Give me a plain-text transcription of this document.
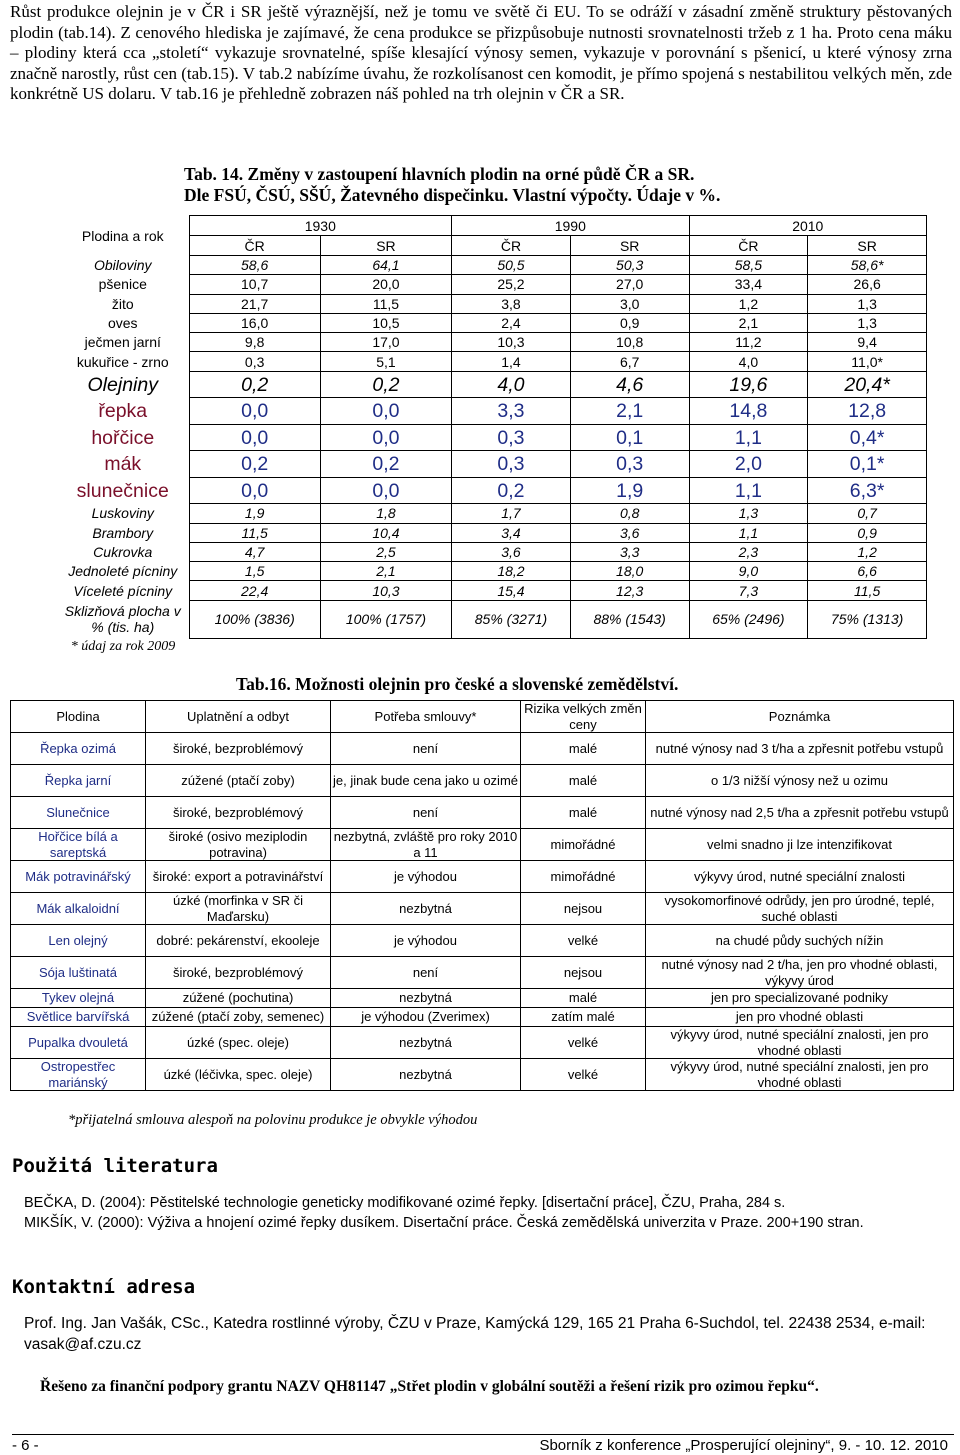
Růst produkce olejnin je v ČR i SR ještě výraznější, než je tomu ve světě či EU. To se odráží v zásadní změně struktury pěstovaných plodin (tab.14). Z cenového hlediska je zajímavé, že cena produkce se přizpůsobuje nutnosti srovnatelnosti tržeb z 1 ha. Proto cena máku – plodiny která cca „století“ vykazuje srovnatelné, spíše klesající výnosy semen, vykazuje v porovnání s pšenicí, u které výnosy zrna značně narostly, růst cen (tab.15). V tab.2 nabízíme úvahu, že rozkolísanost cen komodit, je přímo spojená s nestabilitou velkých měn, zde konkrétně US dolaru. V tab.16 je přehledně zobrazen náš pohled na trh olejnin v ČR a SR.
Tab. 14. Změny v zastoupení hlavních plodin na orné půdě ČR a SR.
Dle FSÚ, ČSÚ, SŠÚ, Žatevného dispečinku. Vlastní výpočty. Údaje v %.
Plodina a rok	1930		1990		2010	
	ČR	SR	ČR	SR	ČR	SR
Obiloviny	58,6	64,1	50,5	50,3	58,5	58,6*
pšenice	10,7	20,0	25,2	27,0	33,4	26,6
žito	21,7	11,5	3,8	3,0	1,2	1,3
oves	16,0	10,5	2,4	0,9	2,1	1,3
ječmen jarní	9,8	17,0	10,3	10,8	11,2	9,4
kukuřice - zrno	0,3	5,1	1,4	6,7	4,0	11,0*
Olejniny	0,2	0,2	4,0	4,6	19,6	20,4*
řepka	0,0	0,0	3,3	2,1	14,8	12,8
hořčice	0,0	0,0	0,3	0,1	1,1	0,4*
mák	0,2	0,2	0,3	0,3	2,0	0,1*
slunečnice	0,0	0,0	0,2	1,9	1,1	6,3*
Luskoviny	1,9	1,8	1,7	0,8	1,3	0,7
Brambory	11,5	10,4	3,4	3,6	1,1	0,9
Cukrovka	4,7	2,5	3,6	3,3	2,3	1,2
Jednoleté pícniny	1,5	2,1	18,2	18,0	9,0	6,6
Víceleté pícniny	22,4	10,3	15,4	12,3	7,3	11,5
Sklizňová plocha v % (tis. ha)	100% (3836)	100% (1757)	85% (3271)	88% (1543)	65% (2496)	75% (1313)
* údaj za rok 2009						
Tab.16. Možnosti olejnin pro české a slovenské zemědělství.
Plodina	Uplatnění a odbyt	Potřeba smlouvy*	Rizika velkých změn ceny	Poznámka
Řepka ozimá	široké, bezproblémový	není	malé	nutné výnosy nad 3 t/ha a zpřesnit potřebu vstupů
Řepka jarní	zúžené (ptačí zoby)	je, jinak bude cena jako u ozimé	malé	o 1/3 nižší výnosy než u ozimu
Slunečnice	široké, bezproblémový	není	malé	nutné výnosy nad 2,5 t/ha a zpřesnit potřebu vstupů
Hořčice bílá a sareptská	široké (osivo meziplodin potravina)	nezbytná, zvláště pro roky 2010 a 11	mimořádné	velmi snadno ji lze intenzifikovat
Mák potravinářský	široké: export a potravinářství	je výhodou	mimořádné	výkyvy úrod, nutné speciální znalosti
Mák alkaloidní	úzké (morfinka v SR či Maďarsku)	nezbytná	nejsou	vysokomorfinové odrůdy, jen pro úrodné, teplé, suché oblasti
Len olejný	dobré: pekárenství, ekooleje	je výhodou	velké	na chudé půdy suchých nížin
Sója luštinatá	široké, bezproblémový	není	nejsou	nutné výnosy nad 2 t/ha, jen pro vhodné oblasti, výkyvy úrod
Tykev olejná	zúžené (pochutina)	nezbytná	malé	jen pro specializované podniky
Světlice barvířská	zúžené (ptačí zoby, semenec)	je výhodou (Zverimex)	zatím malé	jen pro vhodné oblasti
Pupalka dvouletá	úzké (spec. oleje)	nezbytná	velké	výkyvy úrod, nutné speciální znalosti, jen pro vhodné oblasti
Ostropestřec mariánský	úzké (léčivka, spec. oleje)	nezbytná	velké	výkyvy úrod, nutné speciální znalosti, jen pro vhodné oblasti
*přijatelná smlouva alespoň na polovinu produkce je obvykle výhodou
Použitá literatura
BEČKA, D. (2004): Pěstitelské technologie geneticky modifikované ozimé řepky. [disertační práce], ČZU, Praha, 284 s.
MIKŠÍK, V. (2000): Výživa a hnojení ozimé řepky dusíkem. Disertační práce. Česká zemědělská univerzita v Praze. 200+190 stran.
Kontaktní adresa
Prof. Ing. Jan Vašák, CSc., Katedra rostlinné výroby, ČZU v Praze, Kamýcká 129, 165 21 Praha 6-Suchdol, tel. 22438 2534, e-mail: vasak@af.czu.cz
Řešeno za finanční podpory grantu NAZV QH81147 „Střet plodin v globální soutěži a řešení rizik pro ozimou řepku“.
- 6 -	Sborník z konference „Prosperující olejniny“, 9. - 10. 12. 2010
